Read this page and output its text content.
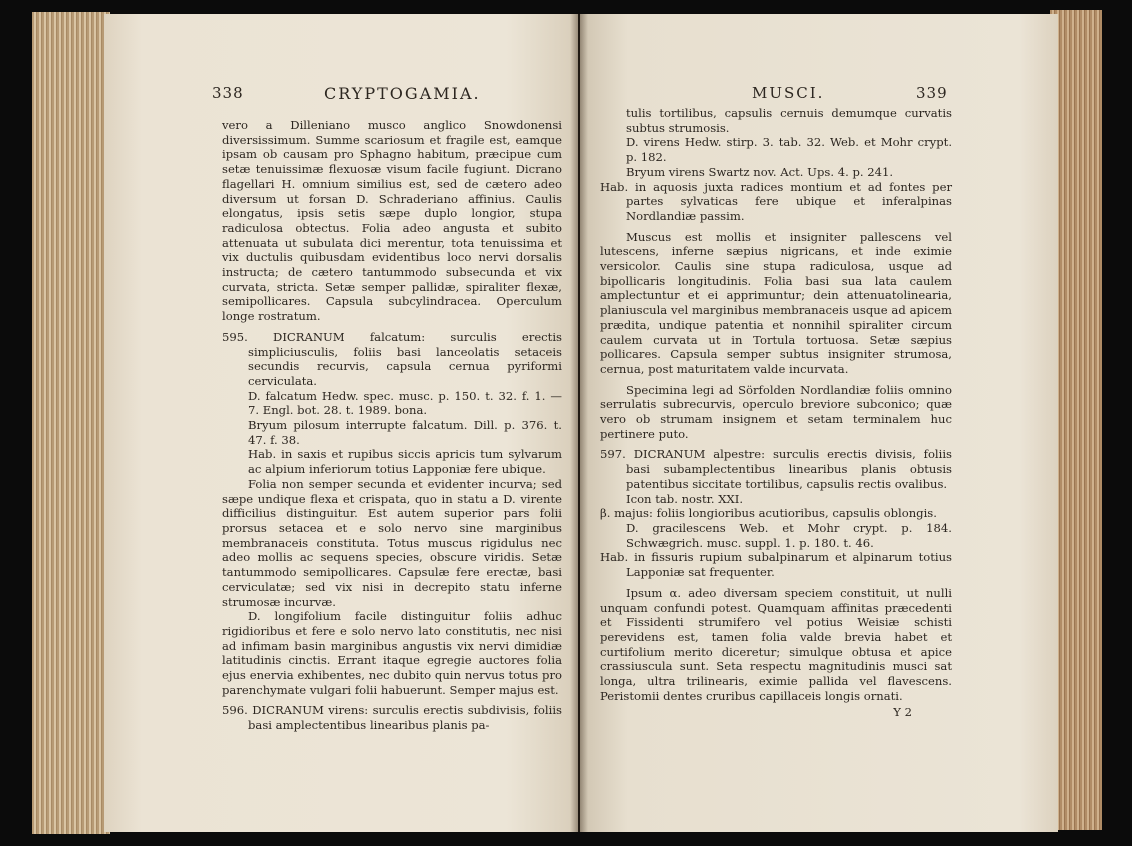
338	CRYPTOGAMIA.

vero a Dilleniano musco anglico Snowdonensi diversissimum. Summe scariosum et fragile est, eamque ipsam ob causam pro Sphagno habitum, præcipue cum setæ tenuissimæ flexuosæ visum facile fugiunt. Dicrano flagellari H. omnium similius est, sed de cætero adeo diversum ut forsan D. Schraderiano affinius. Caulis elongatus, ipsis setis sæpe duplo longior, stupa radiculosa obtectus. Folia adeo angusta et subito attenuata ut subulata dici merentur, tota tenuissima et vix ductulis quibusdam evidentibus loco nervi dorsalis instructa; de cætero tantummodo subsecunda et vix curvata, stricta. Setæ semper pallidæ, spiraliter flexæ, semipollicares. Capsula subcylindracea. Operculum longe rostratum.

595. DICRANUM falcatum: surculis erectis simpliciusculis, foliis basi lanceolatis setaceis secundis recurvis, capsula cernua pyriformi cerviculata.

D. falcatum Hedw. spec. musc. p. 150. t. 32. f. 1. — 7. Engl. bot. 28. t. 1989. bona.

Bryum pilosum interrupte falcatum. Dill. p. 376. t. 47. f. 38.

Hab. in saxis et rupibus siccis apricis tum sylvarum ac alpium inferiorum totius Lapponiæ fere ubique.

Folia non semper secunda et evidenter incurva; sed sæpe undique flexa et crispata, quo in statu a D. virente difficilius distinguitur. Est autem superior pars folii prorsus setacea et e solo nervo sine marginibus membranaceis constituta. Totus muscus rigidulus nec adeo mollis ac sequens species, obscure viridis. Setæ tantummodo semipollicares. Capsulæ fere erectæ, basi cerviculatæ; sed vix nisi in decrepito statu inferne strumosæ incurvæ.

D. longifolium facile distinguitur foliis adhuc rigidioribus et fere e solo nervo lato constitutis, nec nisi ad infimam basin marginibus angustis vix nervi dimidiæ latitudinis cinctis. Errant itaque egregie auctores folia ejus enervia exhibentes, nec dubito quin nervus totus pro parenchymate vulgari folii habuerunt. Semper majus est.

596. DICRANUM virens: surculis erectis subdivisis, foliis basi amplectentibus linearibus planis pa-

MUSCI.	339

tulis tortilibus, capsulis cernuis demumque curvatis subtus strumosis.

D. virens Hedw. stirp. 3. tab. 32. Web. et Mohr crypt. p. 182.

Bryum virens Swartz nov. Act. Ups. 4. p. 241.

Hab. in aquosis juxta radices montium et ad fontes per partes sylvaticas fere ubique et inferalpinas Nordlandiæ passim.

Muscus est mollis et insigniter pallescens vel lutescens, inferne sæpius nigricans, et inde eximie versicolor. Caulis sine stupa radiculosa, usque ad bipollicaris longitudinis. Folia basi sua lata caulem amplectuntur et ei apprimuntur; dein attenuatolinearia, planiuscula vel marginibus membranaceis usque ad apicem prædita, undique patentia et nonnihil spiraliter circum caulem curvata ut in Tortula tortuosa. Setæ sæpius pollicares. Capsula semper subtus insigniter strumosa, cernua, post maturitatem valde incurvata.

Specimina legi ad Sörfolden Nordlandiæ foliis omnino serrulatis subrecurvis, operculo breviore subconico; quæ vero ob strumam insignem et setam terminalem huc pertinere puto.

597. DICRANUM alpestre: surculis erectis divisis, foliis basi subamplectentibus linearibus planis obtusis patentibus siccitate tortilibus, capsulis rectis ovalibus.

Icon tab. nostr. XXI.

β. majus: foliis longioribus acutioribus, capsulis oblongis.

D. gracilescens Web. et Mohr crypt. p. 184. Schwægrich. musc. suppl. 1. p. 180. t. 46.

Hab. in fissuris rupium subalpinarum et alpinarum totius Lapponiæ sat frequenter.

Ipsum α. adeo diversam speciem constituit, ut nulli unquam confundi potest. Quamquam affinitas præcedenti et Fissidenti strumifero vel potius Weisiæ schisti perevidens est, tamen folia valde brevia habet et curtifolium merito diceretur; simulque obtusa et apice crassiuscula sunt. Seta respectu magnitudinis musci sat longa, ultra trilinearis, eximie pallida vel flavescens. Peristomii dentes cruribus capillaceis longis ornati.

Y 2
